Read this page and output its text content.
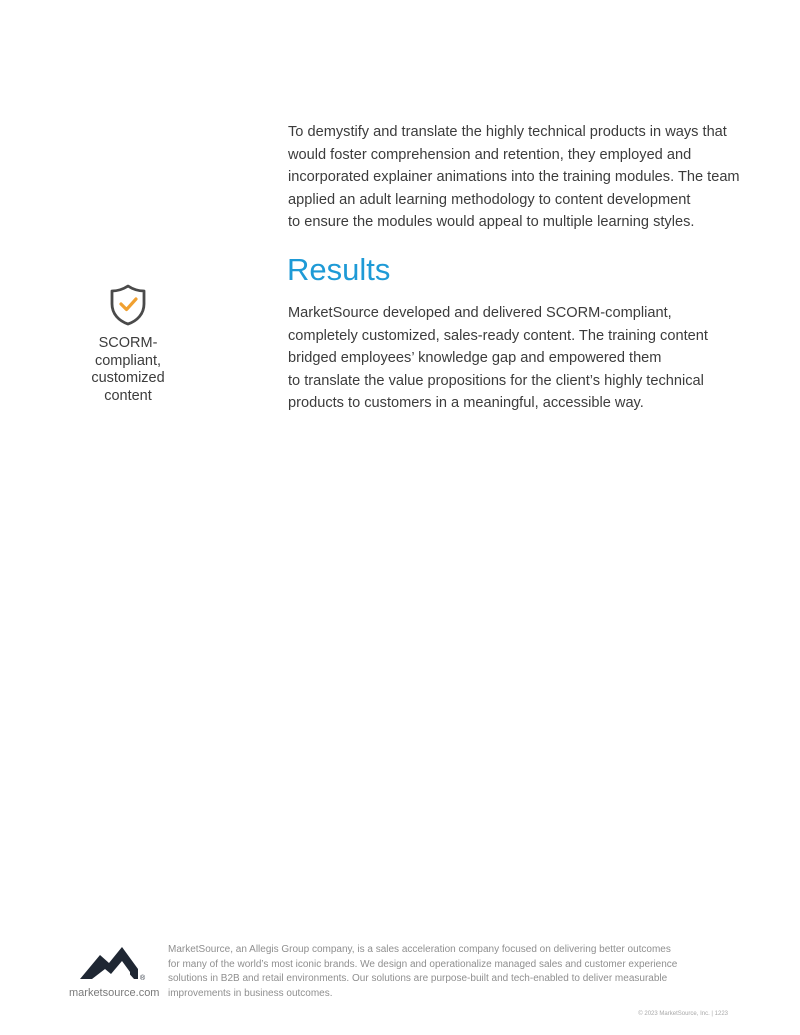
To demystify and translate the highly technical products in ways that
would foster comprehension and retention, they employed and
incorporated explainer animations into the training modules. The team
applied an adult learning methodology to content development
to ensure the modules would appeal to multiple learning styles.
Results
MarketSource developed and delivered SCORM-compliant,
completely customized, sales-ready content. The training content
bridged employees’ knowledge gap and empowered them
to translate the value propositions for the client’s highly technical
products to customers in a meaningful, accessible way.
SCORM-
compliant,
customized
content
®
marketsource.com
MarketSource, an Allegis Group company, is a sales acceleration company focused on delivering better outcomes
for many of the world’s most iconic brands. We design and operationalize managed sales and customer experience
solutions in B2B and retail environments. Our solutions are purpose-built and tech-enabled to deliver measurable
improvements in business outcomes.
© 2023 MarketSource, Inc. | 1223
